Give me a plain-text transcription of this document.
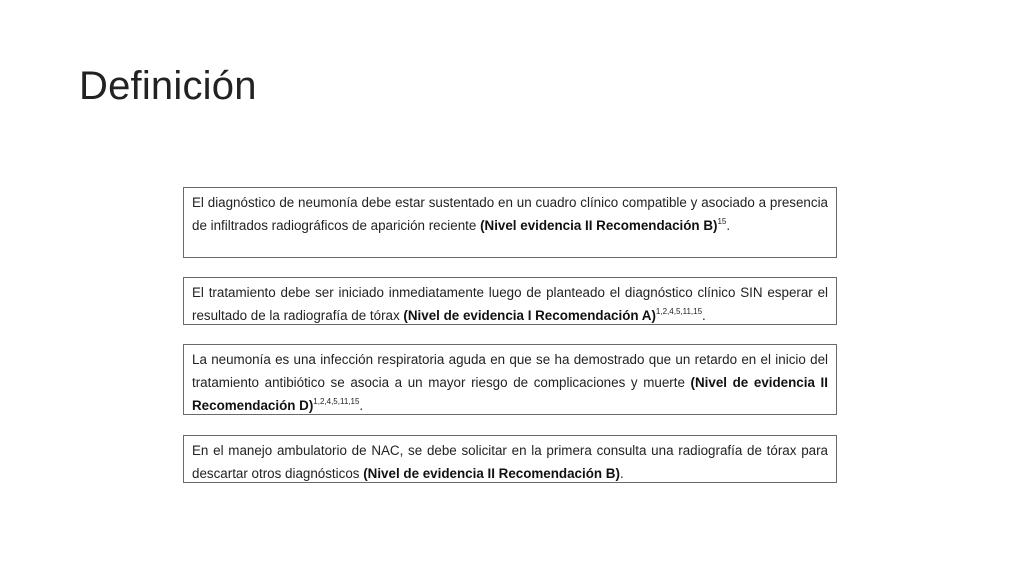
Definición

El diagnóstico de neumonía debe estar sustentado en un cuadro clínico compatible y asociado a presencia de infiltrados radiográficos de aparición reciente (Nivel evidencia II Recomendación B)$^{15}$.

El tratamiento debe ser iniciado inmediatamente luego de planteado el diagnóstico clínico SIN esperar el resultado de la radiografía de tórax (Nivel de evidencia I Recomendación A)$^{1,2,4,5,11,15}$.

La neumonía es una infección respiratoria aguda en que se ha demostrado que un retardo en el inicio del tratamiento antibiótico se asocia a un mayor riesgo de complicaciones y muerte (Nivel de evidencia II Recomendación D)$^{1,2,4,5,11,15}$.

En el manejo ambulatorio de NAC, se debe solicitar en la primera consulta una radiografía de tórax para descartar otros diagnósticos (Nivel de evidencia II Recomendación B).
